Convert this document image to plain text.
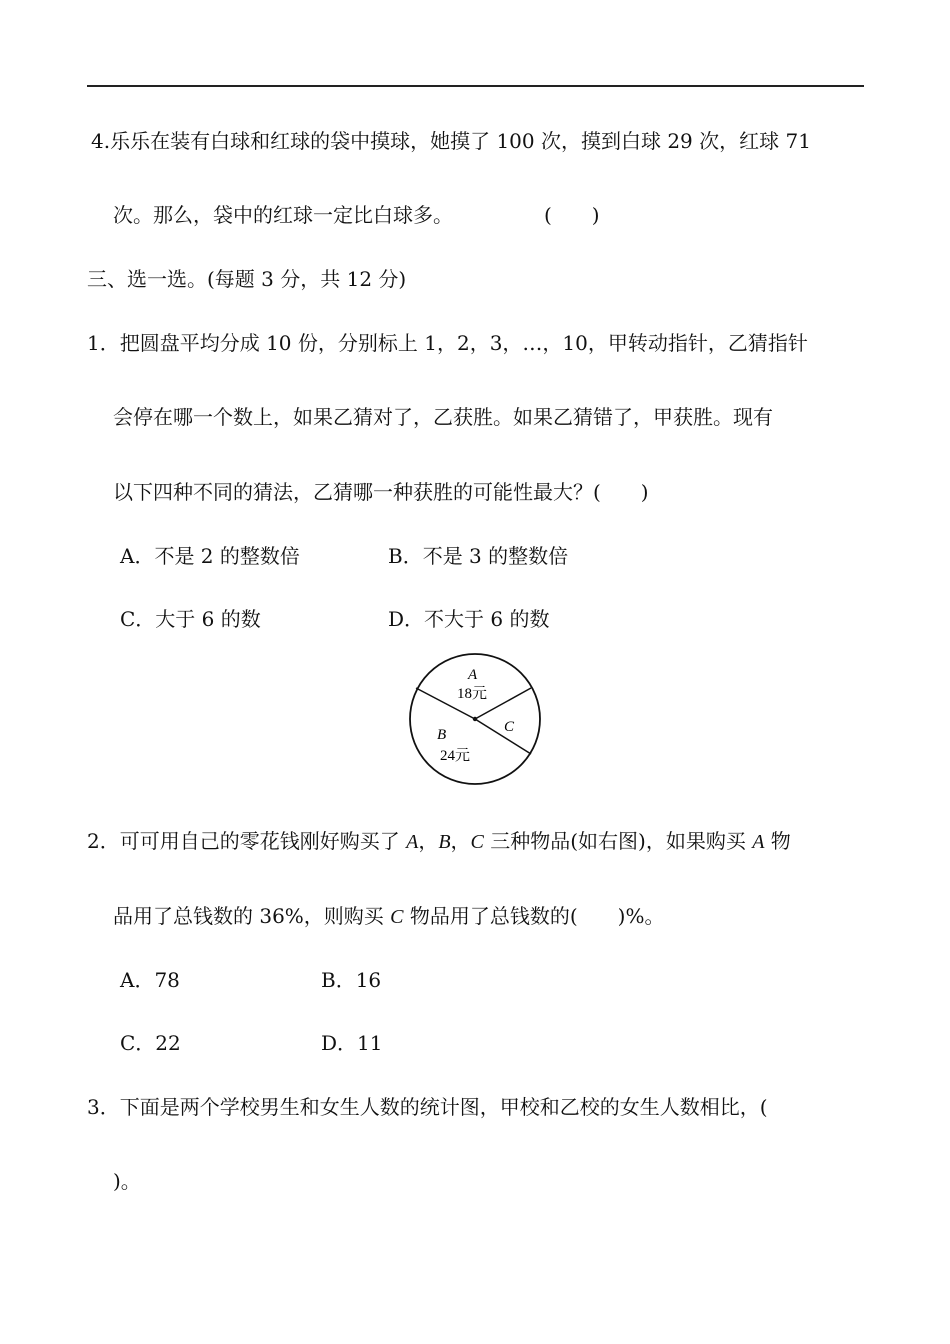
4.乐乐在装有白球和红球的袋中摸球，她摸了 100 次，摸到白球 29 次，红球 71
次。那么，袋中的红球一定比白球多。	(　　)
三、选一选。(每题 3 分，共 12 分)
1．把圆盘平均分成 10 份，分别标上 1，2，3，…，10，甲转动指针，乙猜指针
会停在哪一个数上，如果乙猜对了，乙获胜。如果乙猜错了，甲获胜。现有
以下四种不同的猜法，乙猜哪一种获胜的可能性最大？(　　)
A．不是 2 的整数倍	B．不是 3 的整数倍
C．大于 6 的数	D．不大于 6 的数
A
18元
B
24元
C
2．可可用自己的零花钱刚好购买了 A，B，C 三种物品(如右图)，如果购买 A 物
品用了总钱数的 36%，则购买 C 物品用了总钱数的(　　)%。
A．78	B．16
C．22	D．11
3．下面是两个学校男生和女生人数的统计图，甲校和乙校的女生人数相比，(
)。
